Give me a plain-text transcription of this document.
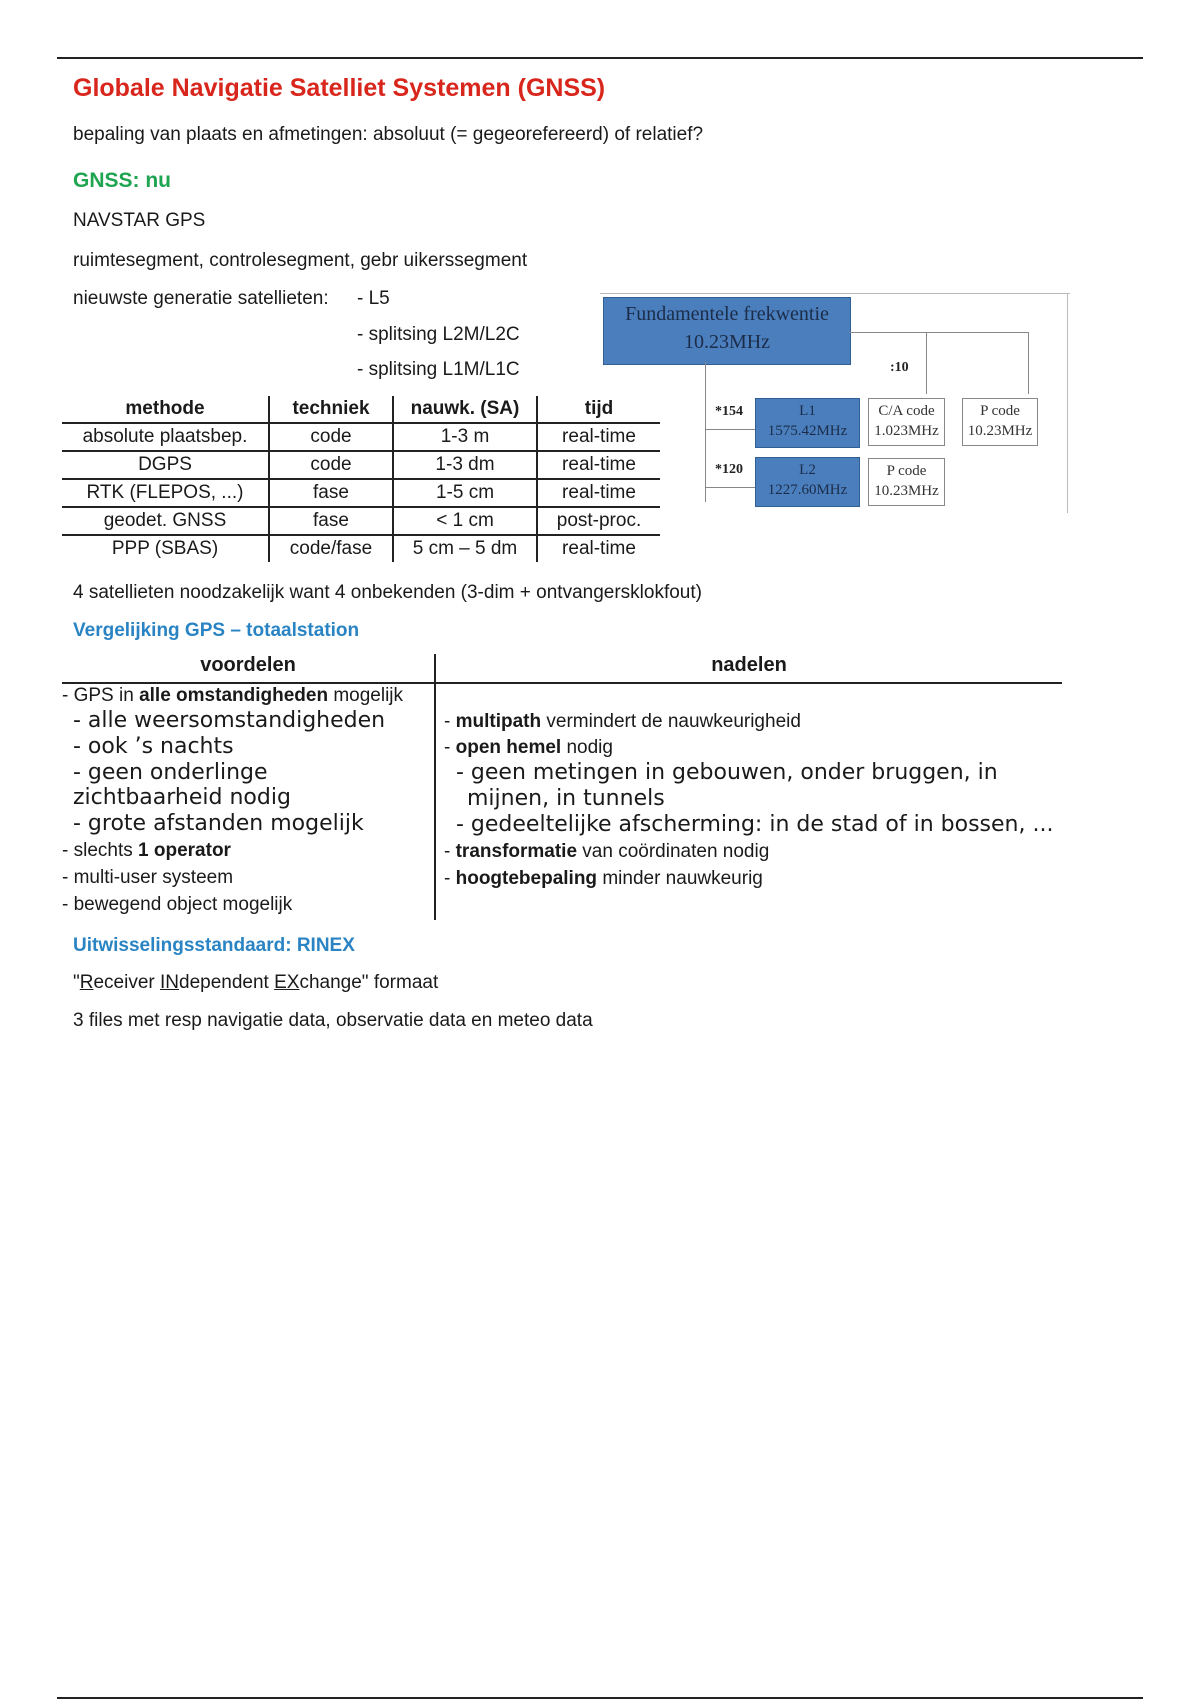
Globale Navigatie Satelliet Systemen (GNSS)
bepaling van plaats en afmetingen: absoluut (= gegeorefereerd) of relatief?
GNSS: nu
NAVSTAR GPS
ruimtesegment, controlesegment, gebr uikerssegment
nieuwste generatie satellieten: - L5
- splitsing L2M/L2C
- splitsing L1M/L1C
methode	techniek	nauwk. (SA)	tijd
absolute plaatsbep.	code	1-3 m	real-time
DGPS	code	1-3 dm	real-time
RTK (FLEPOS, ...)	fase	1-5 cm	real-time
geodet. GNSS	fase	< 1 cm	post-proc.
PPP (SBAS)	code/fase	5 cm – 5 dm	real-time
Fundamentele frekwentie
10.23MHz
:10
*154
*120
L1
1575.42MHz
C/A code
1.023MHz
P code
10.23MHz
L2
1227.60MHz
P code
10.23MHz
4 satellieten noodzakelijk want 4 onbekenden (3-dim + ontvangersklokfout)
Vergelijking GPS – totaalstation
voordelen	nadelen
- GPS in alle omstandigheden mogelijk
- alle weersomstandigheden
- ook ’s nachts
- geen onderlinge
zichtbaarheid nodig
- grote afstanden mogelijk
- slechts 1 operator
- multi-user systeem
- bewegend object mogelijk
- multipath vermindert de nauwkeurigheid
- open hemel nodig
- geen metingen in gebouwen, onder bruggen, in
mijnen, in tunnels
- gedeeltelijke afscherming: in de stad of in bossen, ...
- transformatie van coördinaten nodig
- hoogtebepaling minder nauwkeurig
Uitwisselingsstandaard: RINEX
"Receiver INdependent EXchange" formaat
3 files met resp navigatie data, observatie data en meteo data
